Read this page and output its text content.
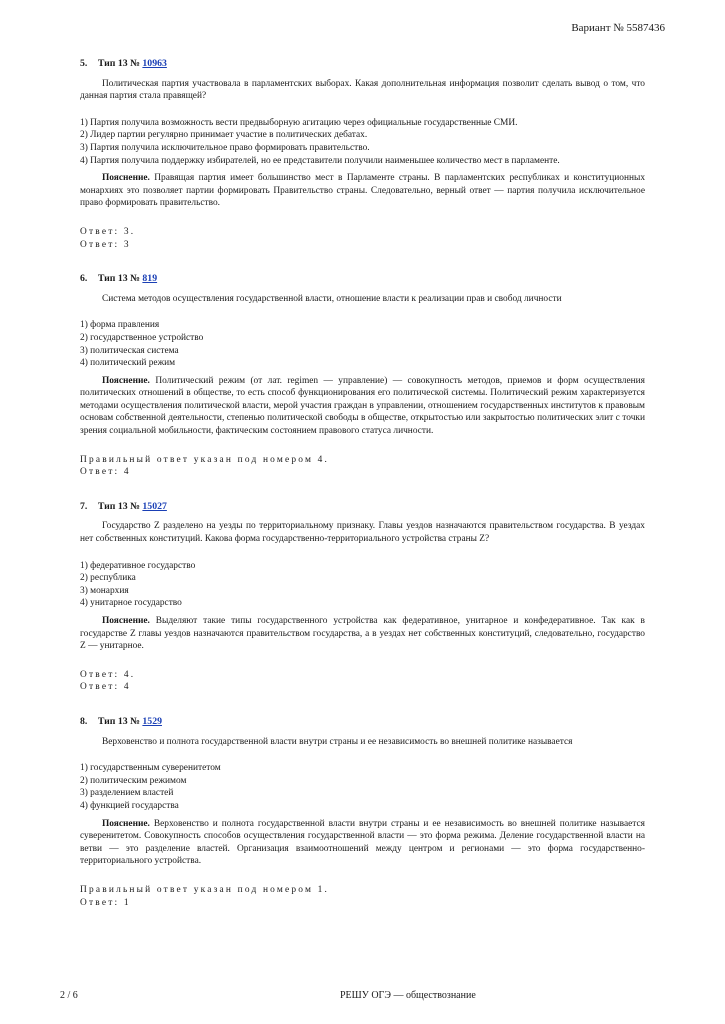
Вариант № 5587436
5. Тип 13 № 10963
Политическая партия участвовала в парламентских выборах. Какая дополнительная информация позволит сделать вывод о том, что данная партия стала правящей?
1) Партия получила возможность вести предвыборную агитацию через официальные государственные СМИ.
2) Лидер партии регулярно принимает участие в политических дебатах.
3) Партия получила исключительное право формировать правительство.
4) Партия получила поддержку избирателей, но ее представители получили наименьшее количество мест в парламенте.
Пояснение. Правящая партия имеет большинство мест в Парламенте страны. В парламентских республиках и конституционных монархиях это позволяет партии формировать Правительство страны. Следовательно, верный ответ — партия получила исключительное право формировать правительство.
Ответ: 3.
Ответ: 3
6. Тип 13 № 819
Система методов осуществления государственной власти, отношение власти к реализации прав и свобод личности
1) форма правления
2) государственное устройство
3) политическая система
4) политический режим
Пояснение. Политический режим (от лат. regimen — управление) — совокупность методов, приемов и форм осуществления политических отношений в обществе, то есть способ функционирования его политической системы. Политический режим характеризуется методами осуществления политической власти, мерой участия граждан в управлении, отношением государственных институтов к правовым основам собственной деятельности, степенью политической свободы в обществе, открытостью или закрытостью политических элит с точки зрения социальной мобильности, фактическим состоянием правового статуса личности.
Правильный ответ указан под номером 4.
Ответ: 4
7. Тип 13 № 15027
Государство Z разделено на уезды по территориальному признаку. Главы уездов назначаются правительством государства. В уездах нет собственных конституций. Какова форма государственно-территориального устройства страны Z?
1) федеративное государство
2) республика
3) монархия
4) унитарное государство
Пояснение. Выделяют такие типы государственного устройства как федеративное, унитарное и конфедеративное. Так как в государстве Z главы уездов назначаются правительством государства, а в уездах нет собственных конституций, следовательно, государство Z — унитарное.
Ответ: 4.
Ответ: 4
8. Тип 13 № 1529
Верховенство и полнота государственной власти внутри страны и ее независимость во внешней политике называется
1) государственным суверенитетом
2) политическим режимом
3) разделением властей
4) функцией государства
Пояснение. Верховенство и полнота государственной власти внутри страны и ее независимость во внешней политике называется суверенитетом. Совокупность способов осуществления государственной власти — это форма режима. Деление государственной власти на ветви — это разделение властей. Организация взаимоотношений между центром и регионами — это форма государственно-территориального устройства.
Правильный ответ указан под номером 1.
Ответ: 1
2 / 6	РЕШУ ОГЭ — обществознание
